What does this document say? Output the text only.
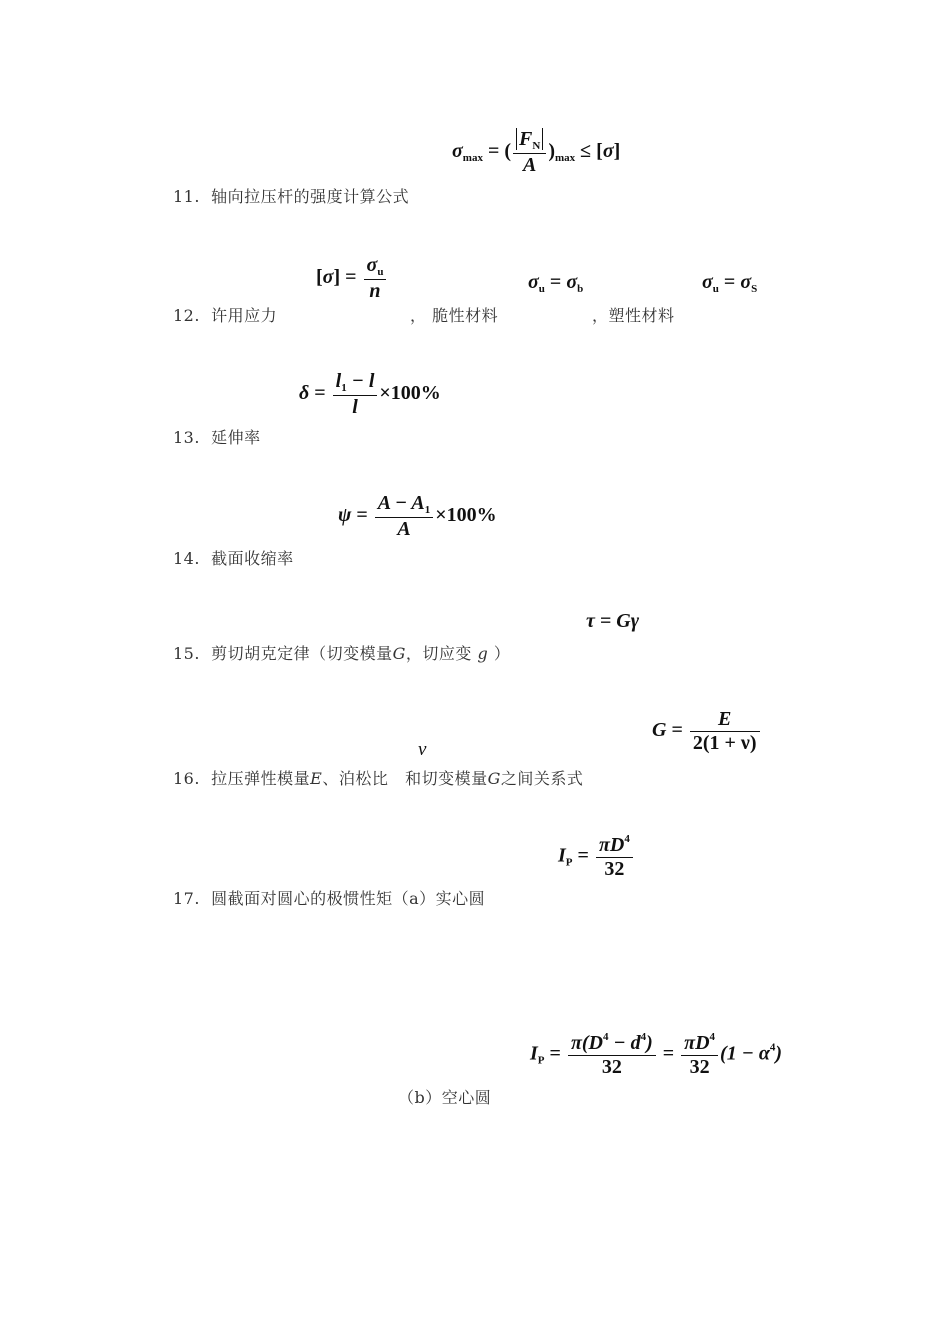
$\sigma_{max}$ = ( $\frac{F_N}{A} )_{max} \le [\sigma]$
11. 轴向拉压杆的强度计算公式
$[\sigma] = \frac{\sigma_u}{n}$	$\sigma_u = \sigma_b$	$\sigma_u = \sigma_S$
12. 许用应力	， 脆性材料	，塑性材料
$\delta = \frac{l_1 - l}{l} \times 100\%$
13. 延伸率
$\psi = \frac{A - A_1}{A} \times 100\%$
14. 截面收缩率
τ = Gγ
15. 剪切胡克定律（切变模量G，切应变 g ）
$G = \frac{E}{2(1 + \nu)}$
ν
16. 拉压弹性模量E、泊松比 和切变模量G之间关系式
$I_P = \frac{\pi D^4}{32}$
17. 圆截面对圆心的极惯性矩（a）实心圆
$I_P = \frac{\pi(D^4 - d^4)}{32} = \frac{\pi D^4}{32} (1 - \alpha^4)$
（b）空心圆
